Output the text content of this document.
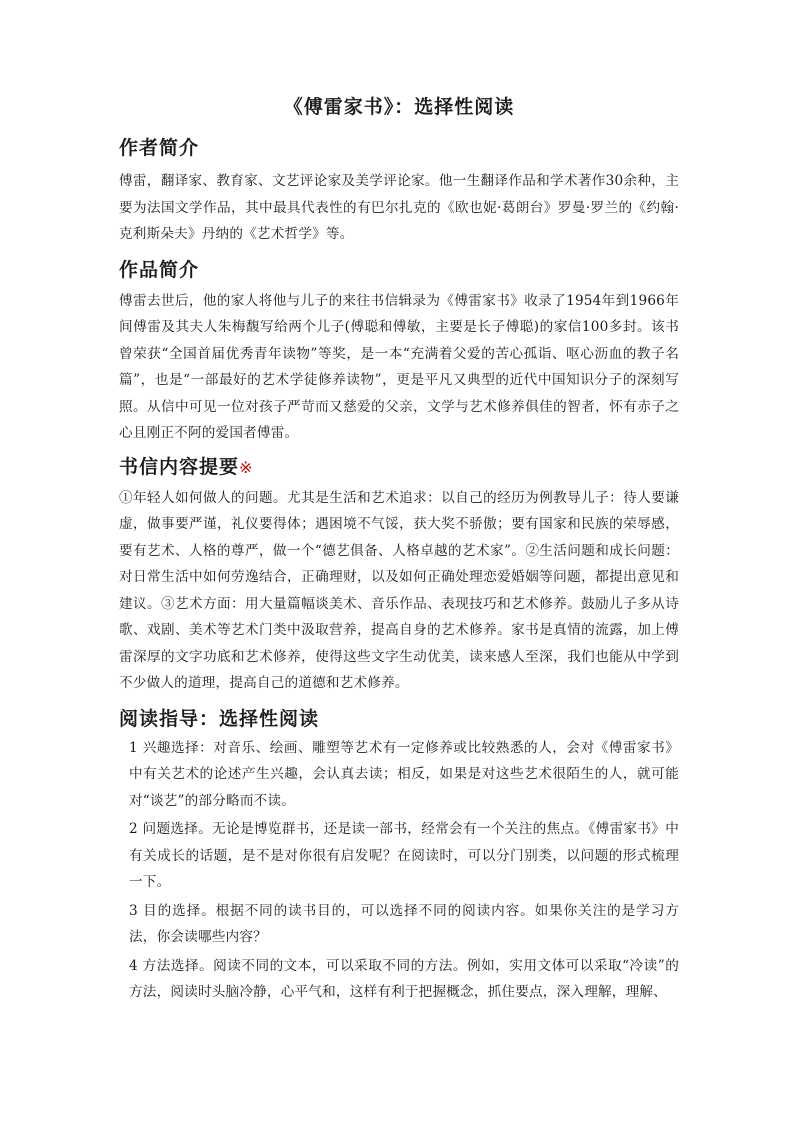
《傅雷家书》：选择性阅读
作者简介

傅雷，翻译家、教育家、文艺评论家及美学评论家。他一生翻译作品和学术著作30余种，主要为法国文学作品，其中最具代表性的有巴尔扎克的《欧也妮·葛朗台》罗曼·罗兰的《约翰·克利斯朵夫》丹纳的《艺术哲学》等。

作品简介

傅雷去世后，他的家人将他与儿子的来往书信辑录为《傅雷家书》收录了1954年到1966年间傅雷及其夫人朱梅馥写给两个儿子(傅聪和傅敏，主要是长子傅聪)的家信100多封。该书曾荣获“全国首届优秀青年读物”等奖，是一本“充满着父爱的苦心孤诣、呕心沥血的教子名篇”，也是“一部最好的艺术学徒修养读物”，更是平凡又典型的近代中国知识分子的深刻写照。从信中可见一位对孩子严苛而又慈爱的父亲，文学与艺术修养俱佳的智者，怀有赤子之心且刚正不阿的爱国者傅雷。

书信内容提要※

①年轻人如何做人的问题。尤其是生活和艺术追求：以自己的经历为例教导儿子：待人要谦虚，做事要严谨，礼仪要得体；遇困境不气馁，获大奖不骄傲；要有国家和民族的荣辱感，要有艺术、人格的尊严，做一个“德艺俱备、人格卓越的艺术家”。②生活问题和成长问题：对日常生活中如何劳逸结合，正确理财，以及如何正确处理恋爱婚姻等问题，都提出意见和建议。③艺术方面：用大量篇幅谈美术、音乐作品、表现技巧和艺术修养。鼓励儿子多从诗歌、戏剧、美术等艺术门类中汲取营养，提高自身的艺术修养。家书是真情的流露，加上傅雷深厚的文字功底和艺术修养，使得这些文字生动优美，读来感人至深，我们也能从中学到不少做人的道理，提高自己的道德和艺术修养。

阅读指导：选择性阅读

1 兴趣选择：对音乐、绘画、雕塑等艺术有一定修养或比较熟悉的人，会对《傅雷家书》中有关艺术的论述产生兴趣，会认真去读；相反，如果是对这些艺术很陌生的人，就可能对“谈艺”的部分略而不读。

2 问题选择。无论是博览群书，还是读一部书，经常会有一个关注的焦点。《傅雷家书》中有关成长的话题，是不是对你很有启发呢？在阅读时，可以分门别类，以问题的形式梳理一下。

3 目的选择。根据不同的读书目的，可以选择不同的阅读内容。如果你关注的是学习方法，你会读哪些内容？

4 方法选择。阅读不同的文本，可以采取不同的方法。例如，实用文体可以采取“冷读”的方法，阅读时头脑冷静，心平气和，这样有利于把握概念，抓住要点，深入理解，理解、
